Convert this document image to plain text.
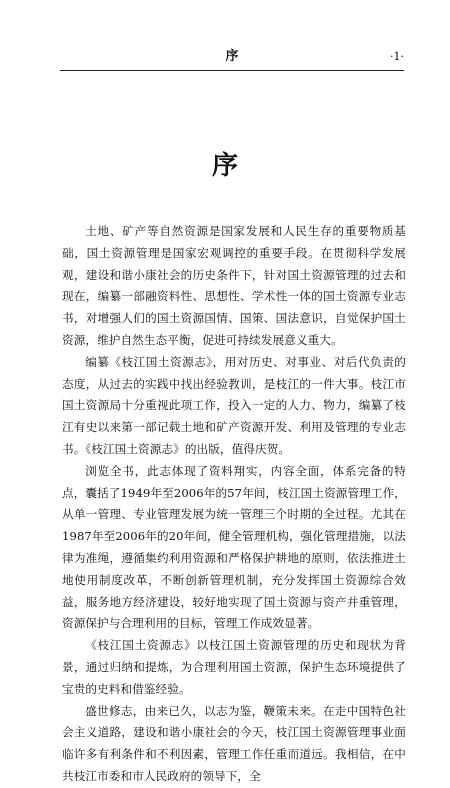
序	·1·
序

土地、矿产等自然资源是国家发展和人民生存的重要物质基础，国土资源管理是国家宏观调控的重要手段。在贯彻科学发展观，建设和谐小康社会的历史条件下，针对国土资源管理的过去和现在，编纂一部融资料性、思想性、学术性一体的国土资源专业志书，对增强人们的国土资源国情、国策、国法意识，自觉保护国土资源，维护自然生态平衡，促进可持续发展意义重大。

编纂《枝江国土资源志》，用对历史、对事业、对后代负责的态度，从过去的实践中找出经验教训，是枝江的一件大事。枝江市国土资源局十分重视此项工作，投入一定的人力、物力，编纂了枝江有史以来第一部记载土地和矿产资源开发、利用及管理的专业志书。《枝江国土资源志》的出版，值得庆贺。

浏览全书，此志体现了资料翔实，内容全面，体系完备的特点，囊括了1949年至2006年的57年间，枝江国土资源管理工作，从单一管理、专业管理发展为统一管理三个时期的全过程。尤其在1987年至2006年的20年间，健全管理机构，强化管理措施，以法律为准绳，遵循集约利用资源和严格保护耕地的原则，依法推进土地使用制度改革，不断创新管理机制，充分发挥国土资源综合效益，服务地方经济建设，较好地实现了国土资源与资产并重管理，资源保护与合理利用的目标，管理工作成效显著。

《枝江国土资源志》以枝江国土资源管理的历史和现状为背景，通过归纳和提炼，为合理利用国土资源，保护生态环境提供了宝贵的史料和借鉴经验。

盛世修志，由来已久，以志为鉴，鞭策未来。在走中国特色社会主义道路，建设和谐小康社会的今天，枝江国土资源管理事业面临许多有利条件和不利因素，管理工作任重而道远。我相信，在中共枝江市委和市人民政府的领导下，全
